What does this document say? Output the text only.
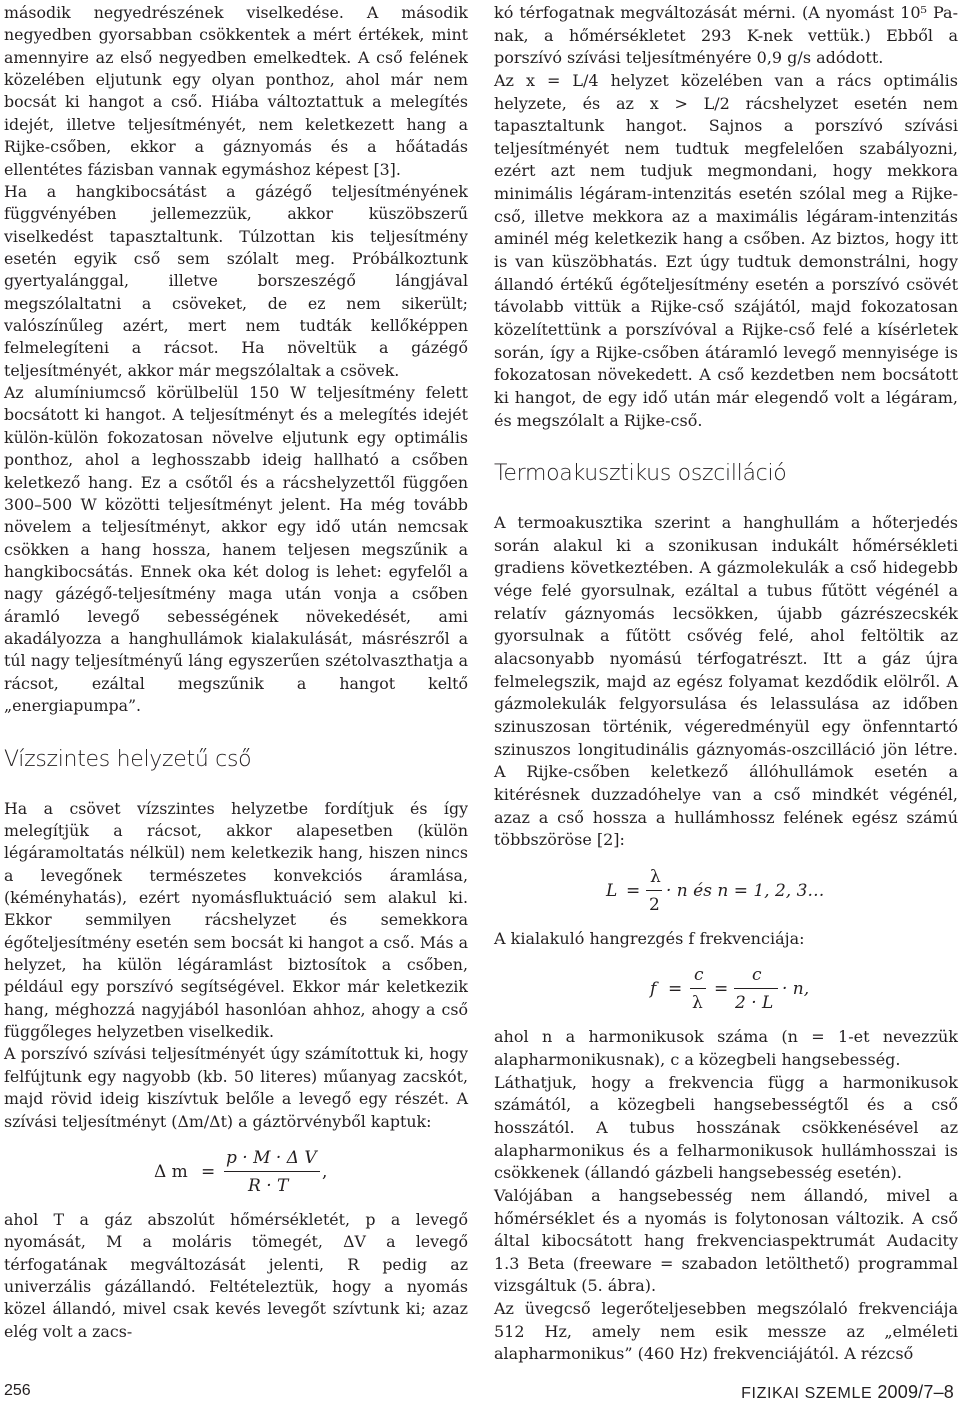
második negyedrészének viselkedése. A második negyedben gyorsabban csökkentek a mért értékek, mint amennyire az első negyedben emelkedtek. A cső felének közelében eljutunk egy olyan ponthoz, ahol már nem bocsát ki hangot a cső. Hiába változtattuk a melegítés idejét, illetve teljesítményét, nem keletkezett hang a Rijke-csőben, ekkor a gáznyomás és a hőátadás ellentétes fázisban vannak egymáshoz képest [3].

Ha a hangkibocsátást a gázégő teljesítményének függvényében jellemezzük, akkor küszöbszerű viselkedést tapasztaltunk. Túlzottan kis teljesítmény esetén egyik cső sem szólalt meg. Próbálkoztunk gyertyalánggal, illetve borszeszégő lángjával megszólaltatni a csöveket, de ez nem sikerült; valószínűleg azért, mert nem tudták kellőképpen felmelegíteni a rácsot. Ha növeltük a gázégő teljesítményét, akkor már megszólaltak a csövek.

Az alumíniumcső körülbelül 150 W teljesítmény felett bocsátott ki hangot. A teljesítményt és a melegítés idejét külön-külön fokozatosan növelve eljutunk egy optimális ponthoz, ahol a leghosszabb ideig hallható a csőben keletkező hang. Ez a csőtől és a rácshelyzettől függően 300–500 W közötti teljesítményt jelent. Ha még tovább növelem a teljesítményt, akkor egy idő után nemcsak csökken a hang hossza, hanem teljesen megszűnik a hangkibocsátás. Ennek oka két dolog is lehet: egyfelől a nagy gázégő-teljesítmény maga után vonja a csőben áramló levegő sebességének növekedését, ami akadályozza a hanghullámok kialakulását, másrészről a túl nagy teljesítményű láng egyszerűen szétolvaszthatja a rácsot, ezáltal megszűnik a hangot keltő „energiapumpa”.

Vízszintes helyzetű cső

Ha a csövet vízszintes helyzetbe fordítjuk és így melegítjük a rácsot, akkor alapesetben (külön légáramoltatás nélkül) nem keletkezik hang, hiszen nincs a levegőnek természetes konvekciós áramlása, (kéményhatás), ezért nyomásfluktuáció sem alakul ki. Ekkor semmilyen rácshelyzet és semekkora égőteljesítmény esetén sem bocsát ki hangot a cső. Más a helyzet, ha külön légáramlást biztosítok a csőben, például egy porszívó segítségével. Ekkor már keletkezik hang, méghozzá nagyjából hasonlóan ahhoz, ahogy a cső függőleges helyzetben viselkedik.

A porszívó szívási teljesítményét úgy számítottuk ki, hogy felfújtunk egy nagyobb (kb. 50 literes) műanyag zacskót, majd rövid ideig kiszívtuk belőle a levegő egy részét. A szívási teljesítményt (Δm/Δt) a gáztörvényből kaptuk:

Δ m =
p · M · Δ V
R · T
,

ahol T a gáz abszolút hőmérsékletét, p a levegő nyomását, M a moláris tömegét, ΔV a levegő térfogatának megváltozását jelenti, R pedig az univerzális gázállandó. Feltételeztük, hogy a nyomás közel állandó, mivel csak kevés levegőt szívtunk ki; azaz elég volt a zacs-

kó térfogatnak megváltozását mérni. (A nyomást 10⁵ Pa-nak, a hőmérsékletet 293 K-nek vettük.) Ebből a porszívó szívási teljesítményére 0,9 g/s adódott.

Az x = L/4 helyzet közelében van a rács optimális helyzete, és az x > L/2 rácshelyzet esetén nem tapasztaltunk hangot. Sajnos a porszívó szívási teljesítményét nem tudtuk megfelelően szabályozni, ezért azt nem tudjuk megmondani, hogy mekkora minimális légáram-intenzitás esetén szólal meg a Rijke-cső, illetve mekkora az a maximális légáram-intenzitás aminél még keletkezik hang a csőben. Az biztos, hogy itt is van küszöbhatás. Ezt úgy tudtuk demonstrálni, hogy állandó értékű égőteljesítmény esetén a porszívó csövét távolabb vittük a Rijke-cső szájától, majd fokozatosan közelítettünk a porszívóval a Rijke-cső felé a kísérletek során, így a Rijke-csőben átáramló levegő mennyisége is fokozatosan növekedett. A cső kezdetben nem bocsátott ki hangot, de egy idő után már elegendő volt a légáram, és megszólalt a Rijke-cső.

Termoakusztikus oszcilláció

A termoakusztika szerint a hanghullám a hőterjedés során alakul ki a szonikusan indukált hőmérsékleti gradiens következtében. A gázmolekulák a cső hidegebb vége felé gyorsulnak, ezáltal a tubus fűtött végénél a relatív gáznyomás lecsökken, újabb gázrészecskék gyorsulnak a fűtött csővég felé, ahol feltöltik az alacsonyabb nyomású térfogatrészt. Itt a gáz újra felmelegszik, majd az egész folyamat kezdődik elölről. A gázmolekulák felgyorsulása és lelassulása az időben szinuszosan történik, végeredményül egy önfenntartó szinuszos longitudinális gáznyomás-oszcilláció jön létre. A Rijke-csőben keletkező állóhullámok esetén a kitérésnek duzzadóhelye van a cső mindkét végénél, azaz a cső hossza a hullámhossz felének egész számú többszöröse [2]:

L =
λ
2
· n és n = 1, 2, 3…

A kialakuló hangrezgés f frekvenciája:

f =
c
λ
=
c
2 · L
· n,

ahol n a harmonikusok száma (n = 1-et nevezzük alapharmonikusnak), c a közegbeli hangsebesség.

Láthatjuk, hogy a frekvencia függ a harmonikusok számától, a közegbeli hangsebességtől és a cső hosszától. A tubus hosszának csökkenésével az alapharmonikus és a felharmonikusok hullámhosszai is csökkenek (állandó gázbeli hangsebesség esetén).

Valójában a hangsebesség nem állandó, mivel a hőmérséklet és a nyomás is folytonosan változik. A cső által kibocsátott hang frekvenciaspektrumát Audacity 1.3 Beta (freeware = szabadon letölthető) programmal vizsgáltuk (5. ábra).

Az üvegcső legerőteljesebben megszólaló frekvenciája 512 Hz, amely nem esik messze az „elméleti alapharmonikus” (460 Hz) frekvenciájától. A rézcső

256	FIZIKAI SZEMLE 2009/7–8
